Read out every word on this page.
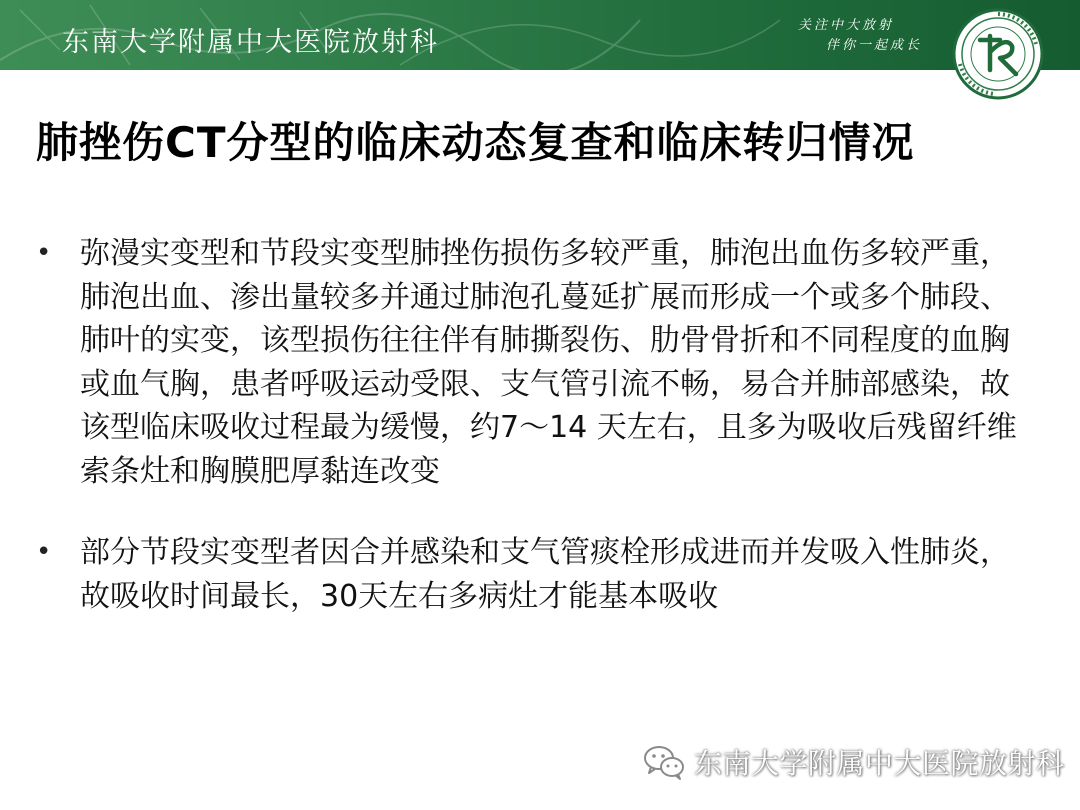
东南大学附属中大医院放射科
关注中大放射
伴你一起成长
肺挫伤CT分型的临床动态复查和临床转归情况
• 弥漫实变型和节段实变型肺挫伤损伤多较严重，肺泡出血伤多较严重，肺泡出血、渗出量较多并通过肺泡孔蔓延扩展而形成一个或多个肺段、肺叶的实变，该型损伤往往伴有肺撕裂伤、肋骨骨折和不同程度的血胸或血气胸，患者呼吸运动受限、支气管引流不畅，易合并肺部感染，故该型临床吸收过程最为缓慢，约7～14 天左右，且多为吸收后残留纤维索条灶和胸膜肥厚黏连改变
• 部分节段实变型者因合并感染和支气管痰栓形成进而并发吸入性肺炎，故吸收时间最长，30天左右多病灶才能基本吸收
东南大学附属中大医院放射科
